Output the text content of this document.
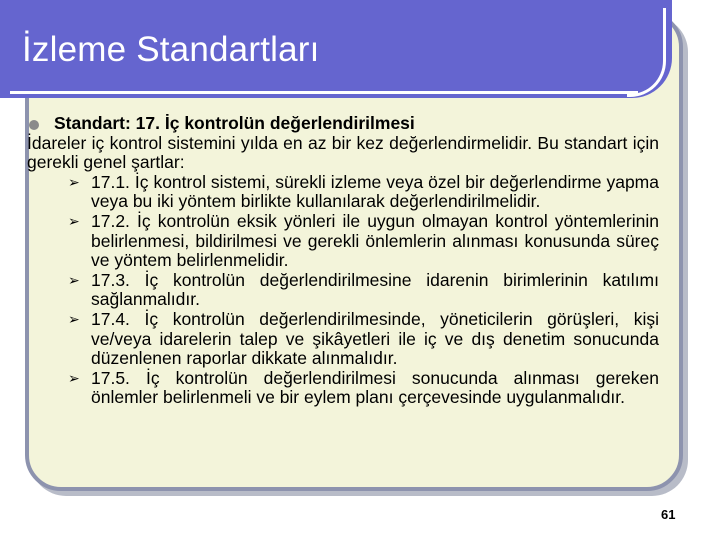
İzleme Standartları
Standart: 17. İç kontrolün değerlendirilmesi
İdareler iç kontrol sistemini yılda en az bir kez değerlendirmelidir. Bu standart için gerekli genel şartlar:
➢ 17.1. İç kontrol sistemi, sürekli izleme veya özel bir değerlendirme yapma veya bu iki yöntem birlikte kullanılarak değerlendirilmelidir.
➢ 17.2. İç kontrolün eksik yönleri ile uygun olmayan kontrol yöntemlerinin belirlenmesi, bildirilmesi ve gerekli önlemlerin alınması konusunda süreç ve yöntem belirlenmelidir.
➢ 17.3. İç kontrolün değerlendirilmesine idarenin birimlerinin katılımı sağlanmalıdır.
➢ 17.4. İç kontrolün değerlendirilmesinde, yöneticilerin görüşleri, kişi ve/veya idarelerin talep ve şikâyetleri ile iç ve dış denetim sonucunda düzenlenen raporlar dikkate alınmalıdır.
➢ 17.5. İç kontrolün değerlendirilmesi sonucunda alınması gereken önlemler belirlenmeli ve bir eylem planı çerçevesinde uygulanmalıdır.
61
